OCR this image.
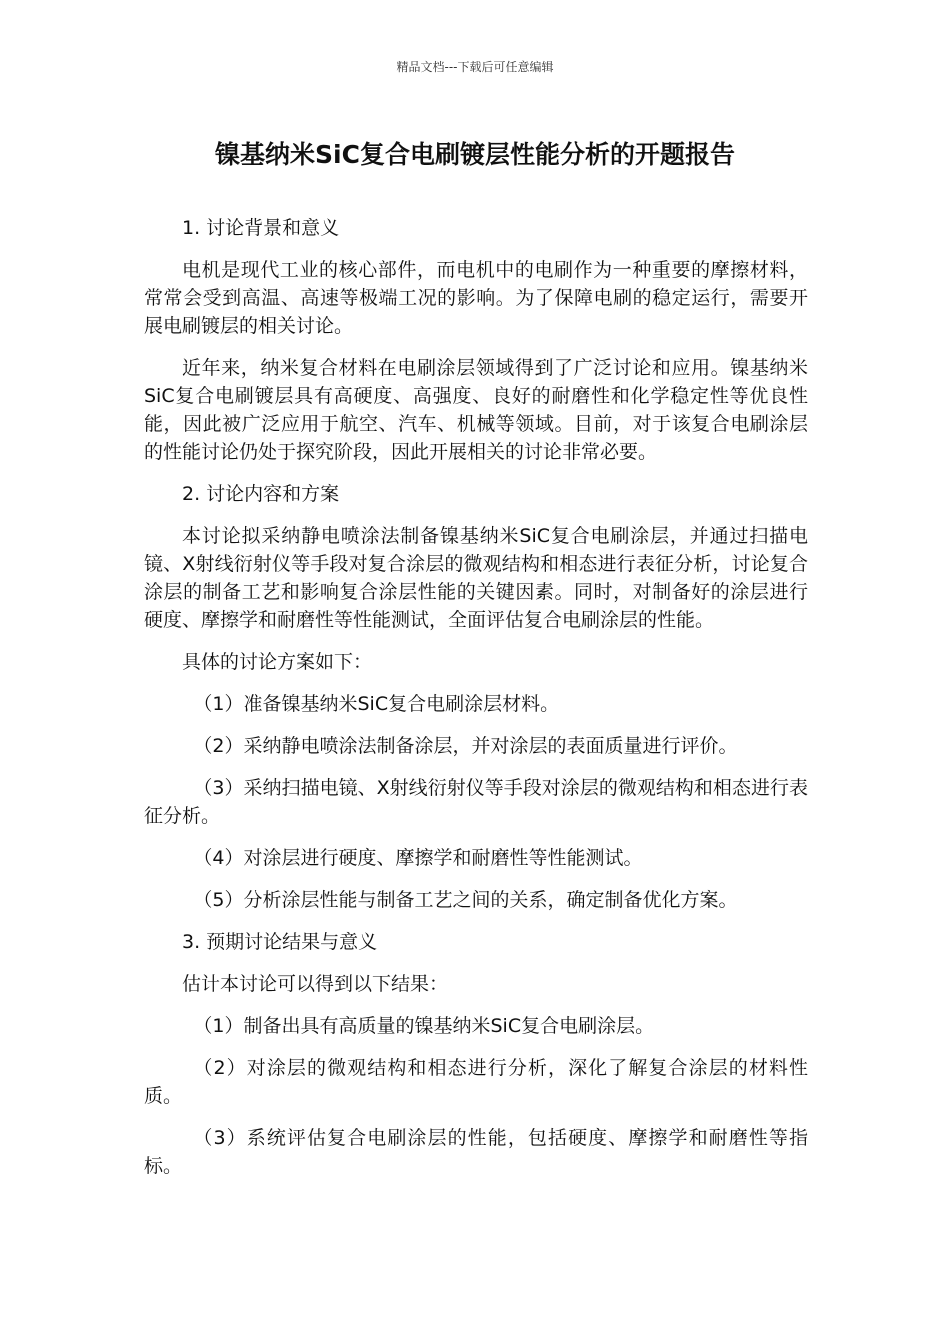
精品文档---下载后可任意编辑
镍基纳米SiC复合电刷镀层性能分析的开题报告

1. 讨论背景和意义

电机是现代工业的核心部件，而电机中的电刷作为一种重要的摩擦材料，常常会受到高温、高速等极端工况的影响。为了保障电刷的稳定运行，需要开展电刷镀层的相关讨论。

近年来，纳米复合材料在电刷涂层领域得到了广泛讨论和应用。镍基纳米SiC复合电刷镀层具有高硬度、高强度、良好的耐磨性和化学稳定性等优良性能，因此被广泛应用于航空、汽车、机械等领域。目前，对于该复合电刷涂层的性能讨论仍处于探究阶段，因此开展相关的讨论非常必要。

2. 讨论内容和方案

本讨论拟采纳静电喷涂法制备镍基纳米SiC复合电刷涂层，并通过扫描电镜、X射线衍射仪等手段对复合涂层的微观结构和相态进行表征分析，讨论复合涂层的制备工艺和影响复合涂层性能的关键因素。同时，对制备好的涂层进行硬度、摩擦学和耐磨性等性能测试，全面评估复合电刷涂层的性能。

具体的讨论方案如下：

（1）准备镍基纳米SiC复合电刷涂层材料。

（2）采纳静电喷涂法制备涂层，并对涂层的表面质量进行评价。

（3）采纳扫描电镜、X射线衍射仪等手段对涂层的微观结构和相态进行表征分析。

（4）对涂层进行硬度、摩擦学和耐磨性等性能测试。

（5）分析涂层性能与制备工艺之间的关系，确定制备优化方案。

3. 预期讨论结果与意义

估计本讨论可以得到以下结果：

（1）制备出具有高质量的镍基纳米SiC复合电刷涂层。

（2）对涂层的微观结构和相态进行分析，深化了解复合涂层的材料性质。

（3）系统评估复合电刷涂层的性能，包括硬度、摩擦学和耐磨性等指标。
